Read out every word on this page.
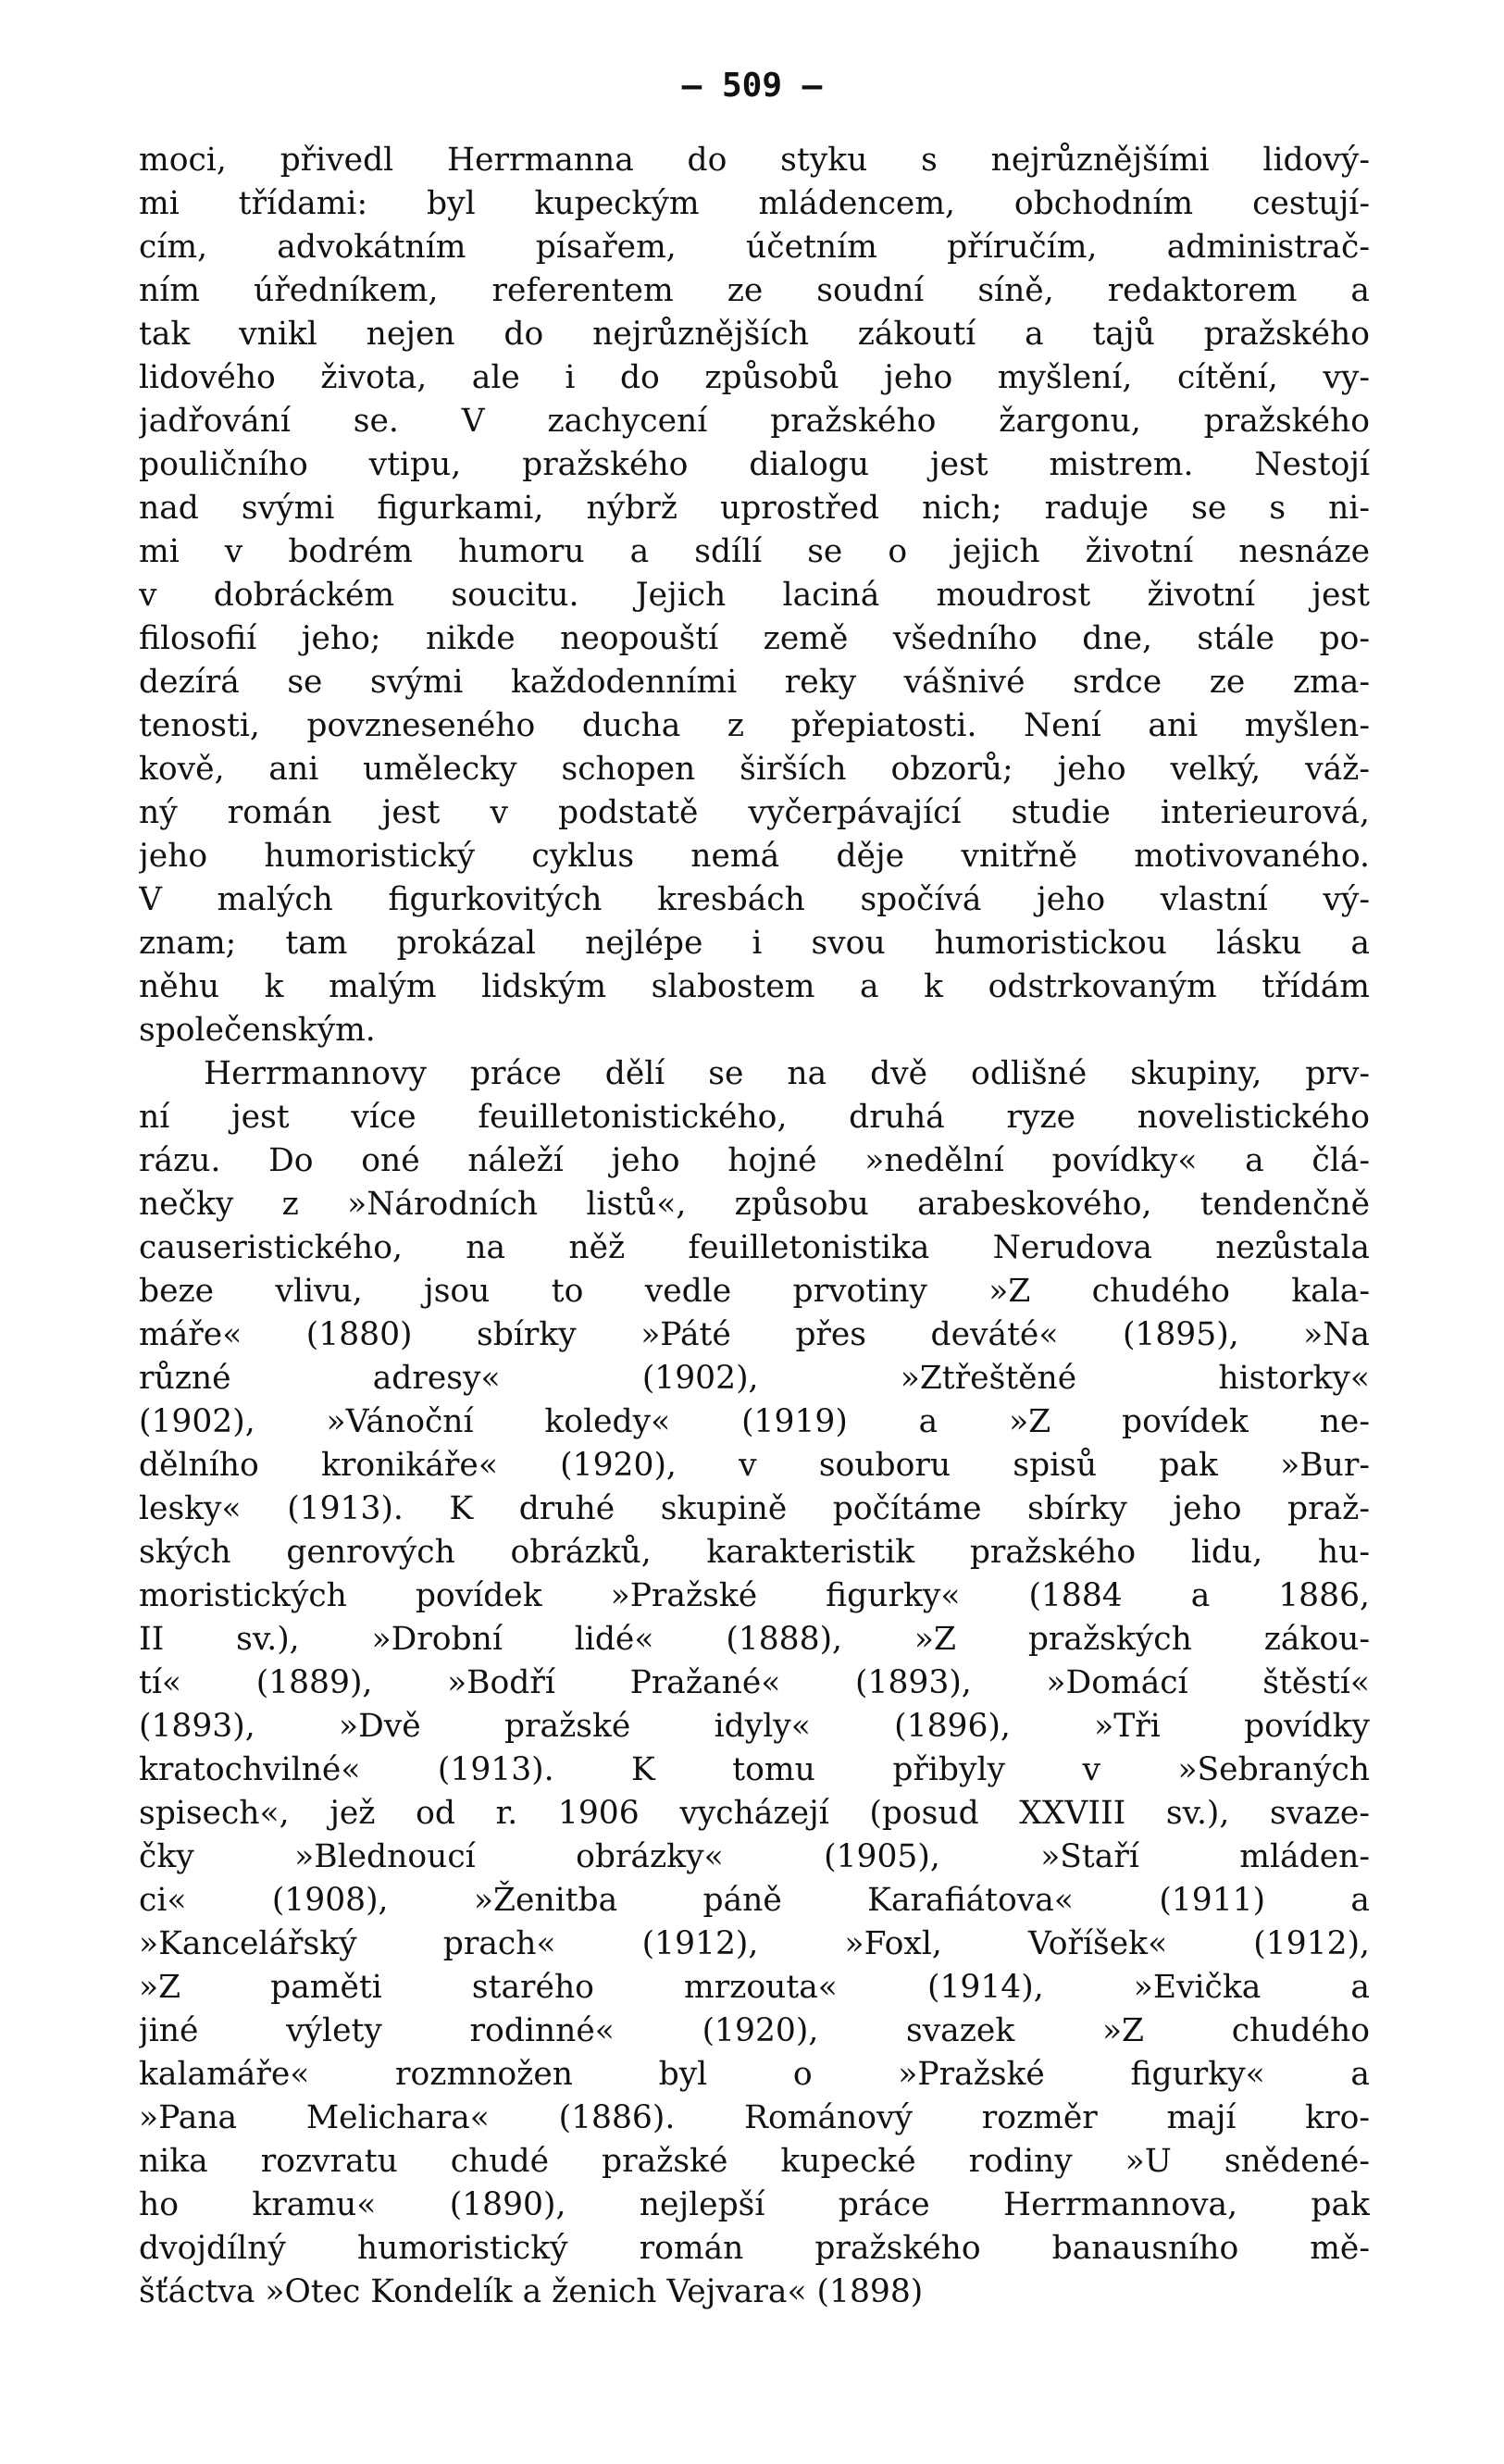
— 509 —
moci, přivedl Herrmanna do styku s nejrůznějšími lidový-
mi třídami: byl kupeckým mládencem, obchodním cestují-
cím, advokátním písařem, účetním příručím, administrač-
ním úředníkem, referentem ze soudní síně, redaktorem a
tak vnikl nejen do nejrůznějších zákoutí a tajů pražského
lidového života, ale i do způsobů jeho myšlení, cítění, vy-
jadřování se. V zachycení pražského žargonu, pražského
pouličního vtipu, pražského dialogu jest mistrem. Nestojí
nad svými figurkami, nýbrž uprostřed nich; raduje se s ni-
mi v bodrém humoru a sdílí se o jejich životní nesnáze
v dobráckém soucitu. Jejich laciná moudrost životní jest
filosofií jeho; nikde neopouští země všedního dne, stále po-
dezírá se svými každodenními reky vášnivé srdce ze zma-
tenosti, povzneseného ducha z přepiatosti. Není ani myšlen-
kově, ani umělecky schopen širších obzorů; jeho velký, váž-
ný román jest v podstatě vyčerpávající studie interieurová,
jeho humoristický cyklus nemá děje vnitřně motivovaného.
V malých figurkovitých kresbách spočívá jeho vlastní vý-
znam; tam prokázal nejlépe i svou humoristickou lásku a
něhu k malým lidským slabostem a k odstrkovaným třídám
společenským.
Herrmannovy práce dělí se na dvě odlišné skupiny, prv-
ní jest více feuilletonistického, druhá ryze novelistického
rázu. Do oné náleží jeho hojné »nedělní povídky« a člá-
nečky z »Národních listů«, způsobu arabeskového, tendenčně
causeristického, na něž feuilletonistika Nerudova nezůstala
beze vlivu, jsou to vedle prvotiny »Z chudého kala-
máře« (1880) sbírky »Páté přes deváté« (1895), »Na
různé adresy« (1902), »Ztřeštěné historky«
(1902), »Vánoční koledy« (1919) a »Z povídek ne-
dělního kronikáře« (1920), v souboru spisů pak »Bur-
lesky« (1913). K druhé skupině počítáme sbírky jeho praž-
ských genrových obrázků, karakteristik pražského lidu, hu-
moristických povídek »Pražské figurky« (1884 a 1886,
II sv.), »Drobní lidé« (1888), »Z pražských zákou-
tí« (1889), »Bodří Pražané« (1893), »Domácí štěstí«
(1893), »Dvě pražské idyly« (1896), »Tři povídky
kratochvilné« (1913). K tomu přibyly v »Sebraných
spisech«, jež od r. 1906 vycházejí (posud XXVIII sv.), svaze-
čky »Blednoucí obrázky« (1905), »Staří mláden-
ci« (1908), »Ženitba páně Karafiátova« (1911) a
»Kancelářský prach« (1912), »Foxl, Voříšek« (1912),
»Z paměti starého mrzouta« (1914), »Evička a
jiné výlety rodinné« (1920), svazek »Z chudého
kalamáře« rozmnožen byl o »Pražské figurky« a
»Pana Melichara« (1886). Románový rozměr mají kro-
nika rozvratu chudé pražské kupecké rodiny »U snědené-
ho kramu« (1890), nejlepší práce Herrmannova, pak
dvojdílný humoristický román pražského banausního mě-
šťáctva »Otec Kondelík a ženich Vejvara« (1898)
